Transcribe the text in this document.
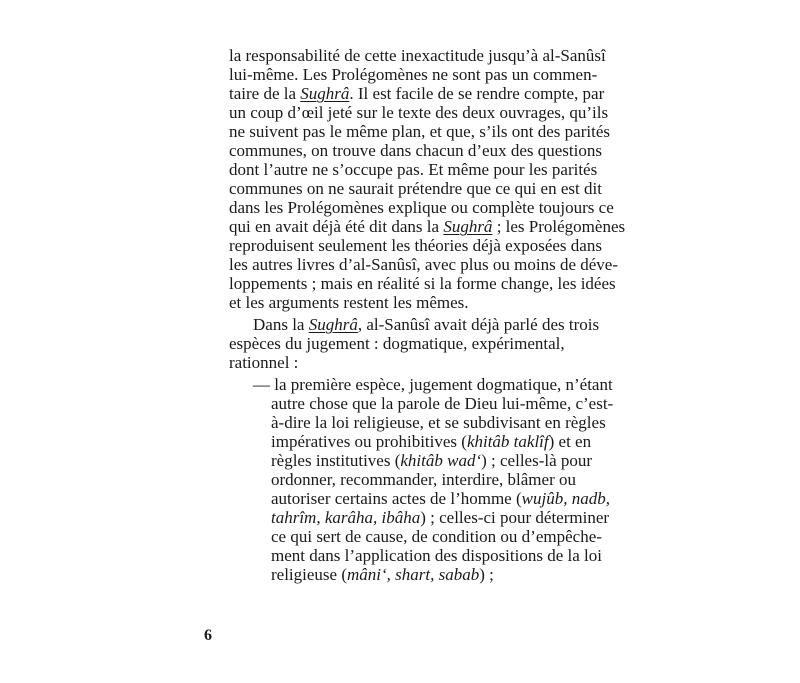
la responsabilité de cette inexactitude jusqu’à al-Sanûsî
lui-même. Les Prolégomènes ne sont pas un commen-
taire de la Sughrâ. Il est facile de se rendre compte, par
un coup d’œil jeté sur le texte des deux ouvrages, qu’ils
ne suivent pas le même plan, et que, s’ils ont des parités
communes, on trouve dans chacun d’eux des questions
dont l’autre ne s’occupe pas. Et même pour les parités
communes on ne saurait prétendre que ce qui en est dit
dans les Prolégomènes explique ou complète toujours ce
qui en avait déjà été dit dans la Sughrâ ; les Prolégomènes
reproduisent seulement les théories déjà exposées dans
les autres livres d’al-Sanûsî, avec plus ou moins de déve-
loppements ; mais en réalité si la forme change, les idées
et les arguments restent les mêmes.
Dans la Sughrâ, al-Sanûsî avait déjà parlé des trois
espèces du jugement : dogmatique, expérimental,
rationnel :
— la première espèce, jugement dogmatique, n’étant
autre chose que la parole de Dieu lui-même, c’est-
à-dire la loi religieuse, et se subdivisant en règles
impératives ou prohibitives (khitâb taklîf) et en
règles institutives (khitâb wad‘) ; celles-là pour
ordonner, recommander, interdire, blâmer ou
autoriser certains actes de l’homme (wujûb, nadb,
tahrîm, karâha, ibâha) ; celles-ci pour déterminer
ce qui sert de cause, de condition ou d’empêche-
ment dans l’application des dispositions de la loi
religieuse (mâni‘, shart, sabab) ;
6
